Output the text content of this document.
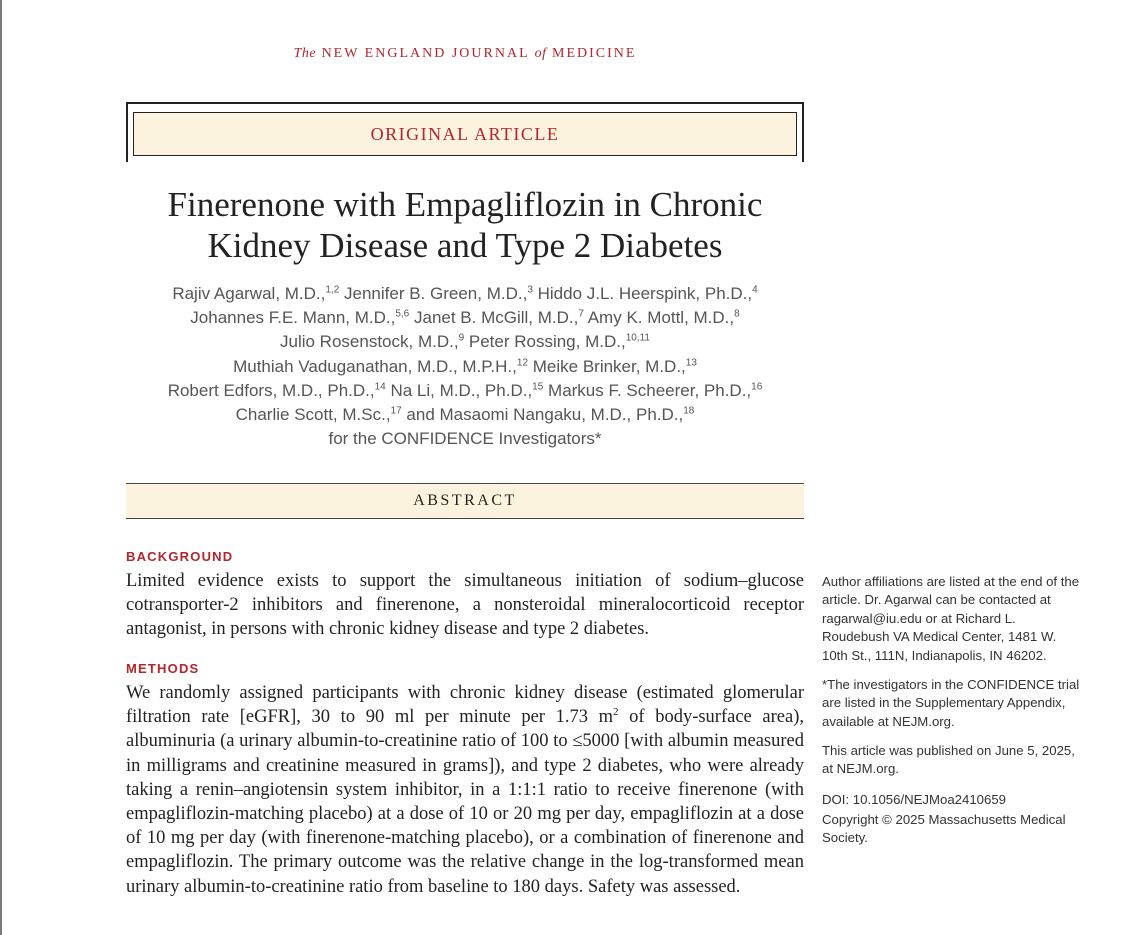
The NEW ENGLAND JOURNAL of MEDICINE
ORIGINAL ARTICLE
Finerenone with Empagliflozin in Chronic
Kidney Disease and Type 2 Diabetes
Rajiv Agarwal, M.D.,$^{1,2}$ Jennifer B. Green, M.D.,$^3$ Hiddo J.L. Heerspink, Ph.D.,$^4$
Johannes F.E. Mann, M.D.,$^{5,6}$ Janet B. McGill, M.D.,$^7$ Amy K. Mottl, M.D.,$^8$
Julio Rosenstock, M.D.,$^9$ Peter Rossing, M.D.,$^{10,11}$
Muthiah Vaduganathan, M.D., M.P.H.,$^{12}$ Meike Brinker, M.D.,$^{13}$
Robert Edfors, M.D., Ph.D.,$^{14}$ Na Li, M.D., Ph.D.,$^{15}$ Markus F. Scheerer, Ph.D.,$^{16}$
Charlie Scott, M.Sc.,$^{17}$ and Masaomi Nangaku, M.D., Ph.D.,$^{18}$
for the CONFIDENCE Investigators*
ABSTRACT
BACKGROUND
Limited evidence exists to support the simultaneous initiation of sodium–glucose cotransporter-2 inhibitors and finerenone, a nonsteroidal mineralocorticoid receptor antagonist, in persons with chronic kidney disease and type 2 diabetes.
METHODS
We randomly assigned participants with chronic kidney disease (estimated glomerular filtration rate [eGFR], 30 to 90 ml per minute per 1.73 $m^2$ of body-surface area), albuminuria (a urinary albumin-to-creatinine ratio of 100 to ≤5000 [with albumin measured in milligrams and creatinine measured in grams]), and type 2 diabetes, who were already taking a renin–angiotensin system inhibitor, in a 1:1:1 ratio to receive finerenone (with empagliflozin-matching placebo) at a dose of 10 or 20 mg per day, empagliflozin at a dose of 10 mg per day (with finerenone-matching placebo), or a combination of finerenone and empagliflozin. The primary outcome was the relative change in the log-transformed mean urinary albumin-to-creatinine ratio from baseline to 180 days. Safety was assessed.
Author affiliations are listed at the end of the article. Dr. Agarwal can be contacted at ragarwal@iu.edu or at Richard L. Roudebush VA Medical Center, 1481 W. 10th St., 111N, Indianapolis, IN 46202.
*The investigators in the CONFIDENCE trial are listed in the Supplementary Appendix, available at NEJM.org.
This article was published on June 5, 2025, at NEJM.org.
DOI: 10.1056/NEJMoa2410659
Copyright © 2025 Massachusetts Medical Society.
